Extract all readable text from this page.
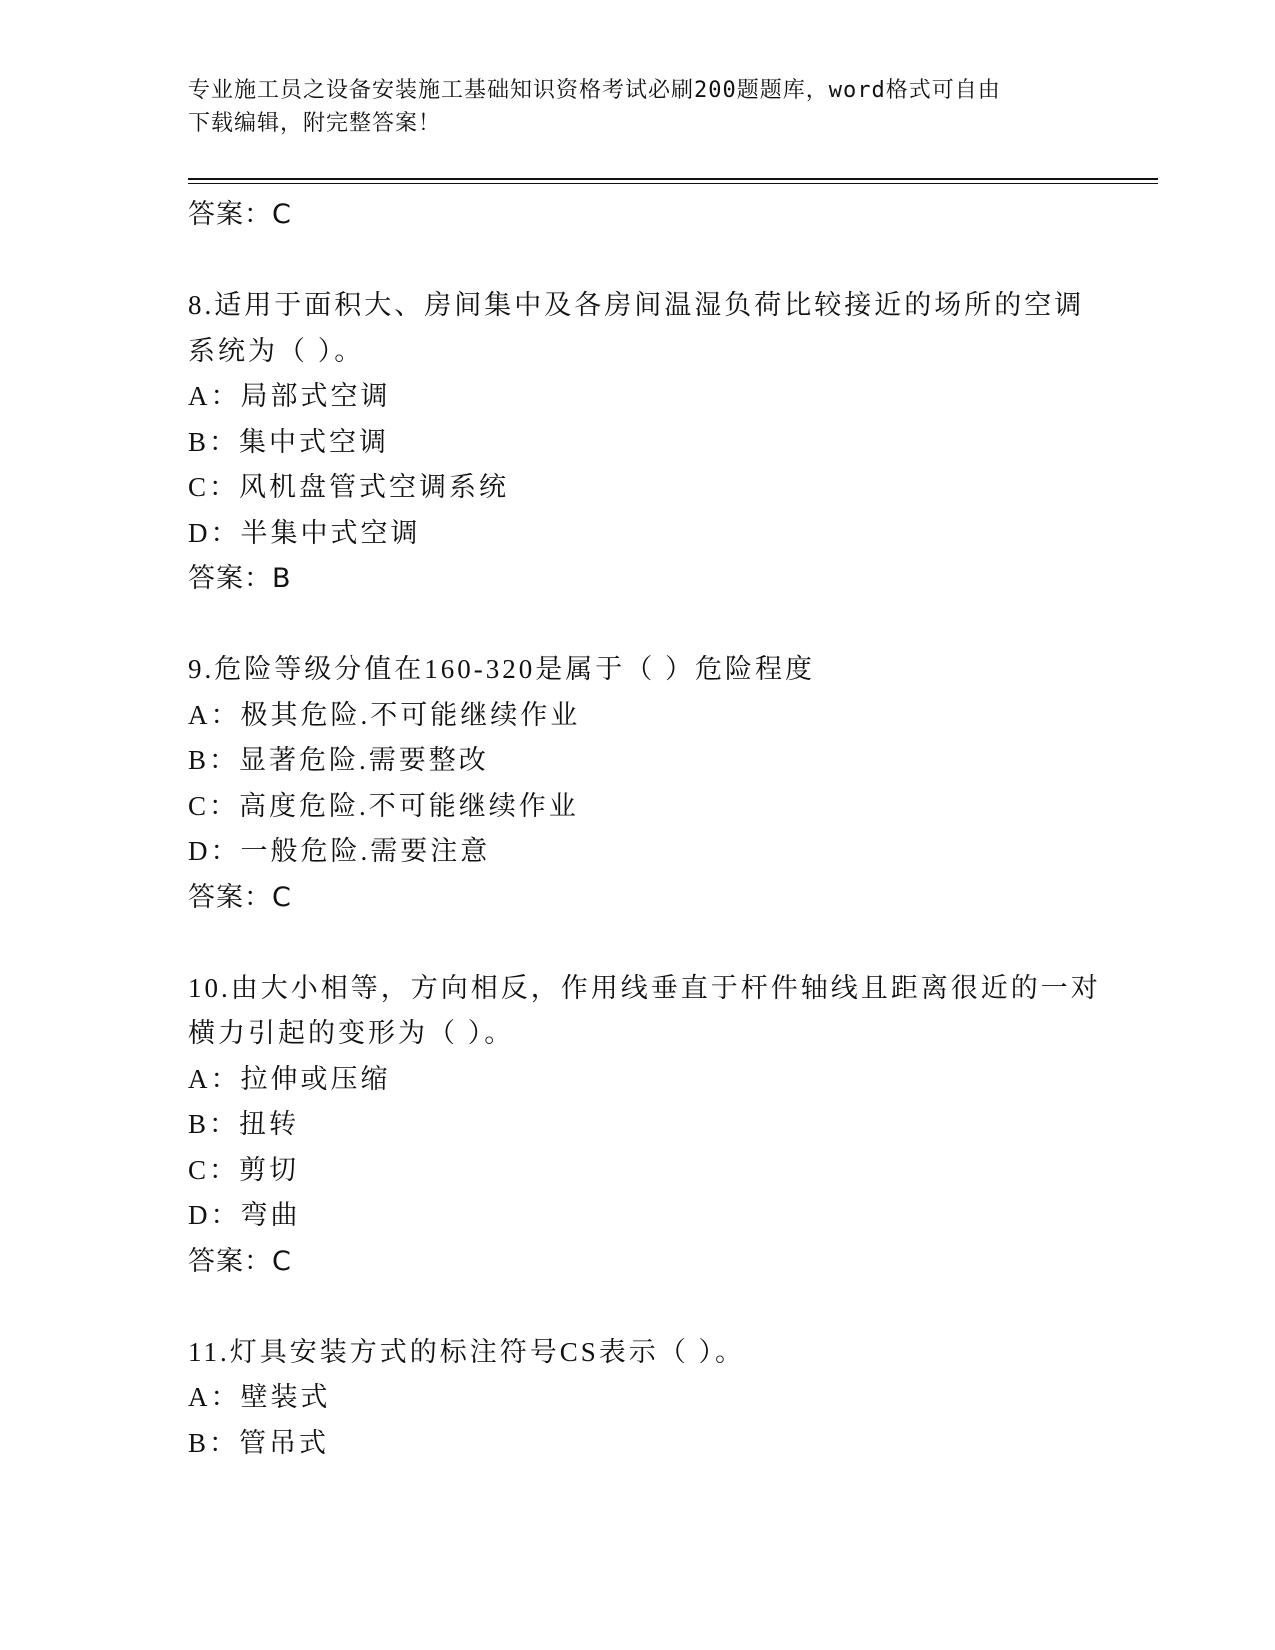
专业施工员之设备安装施工基础知识资格考试必刷200题题库，word格式可自由
下载编辑，附完整答案！
答案：C
8.适用于面积大、房间集中及各房间温湿负荷比较接近的场所的空调
系统为（ ）。
A：局部式空调
B：集中式空调
C：风机盘管式空调系统
D：半集中式空调
答案：B
9.危险等级分值在160-320是属于（ ）危险程度
A：极其危险.不可能继续作业
B：显著危险.需要整改
C：高度危险.不可能继续作业
D：一般危险.需要注意
答案：C
10.由大小相等，方向相反，作用线垂直于杆件轴线且距离很近的一对
横力引起的变形为（ ）。
A：拉伸或压缩
B：扭转
C：剪切
D：弯曲
答案：C
11.灯具安装方式的标注符号CS表示（ ）。
A：壁装式
B：管吊式
